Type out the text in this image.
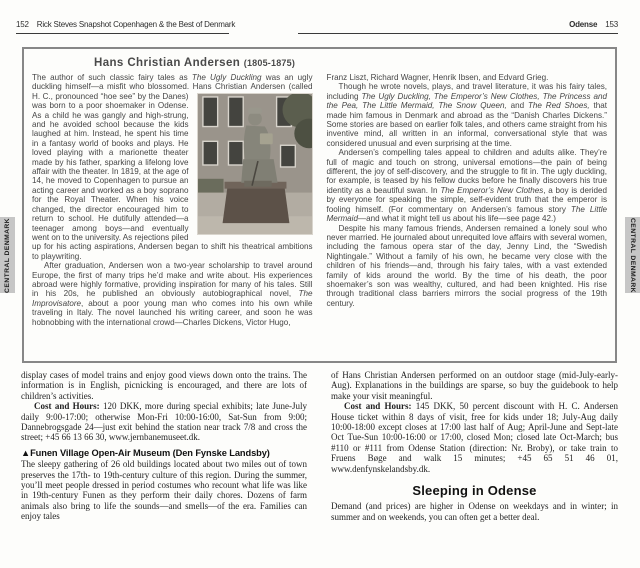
152 Rick Steves Snapshot Copenhagen & the Best of Denmark	Odense 153
CENTRAL DENMARK	CENTRAL DENMARK
Hans Christian Andersen (1805-1875)

The author of such classic fairy tales as The Ugly Duckling was an ugly duckling himself—a misfit who blossomed. Hans Christian
Andersen (called H. C., pronounced “hoe see” by the Danes) was born to a poor shoemaker in Odense. As a child he was gangly and high-strung, and he avoided school because the kids laughed at him. Instead, he spent his time in a fantasy world of books and plays. He loved playing with a marionette theater made by his father, sparking a lifelong love affair with the theater. In 1819, at the age of 14, he moved to Copenhagen to pursue an acting career and worked as a boy soprano for the Royal Theater. When his voice changed, the director encouraged him to return to school. He dutifully attended—a teenager among boys—and eventually went on to the university. As rejections piled up for his acting aspirations, Andersen began to shift his theatrical ambitions to playwriting.

After graduation, Andersen won a two-year scholarship to travel around Europe, the first of many trips he’d make and write about. His experiences abroad were highly formative, providing inspiration for many of his tales. Still in his 20s, he published an obviously autobiographical novel, The Improvisatore, about a poor young man who comes into his own while traveling in Italy. The novel launched his writing career, and soon he was hobnobbing with the international crowd—Charles Dickens, Victor Hugo,

Franz Liszt, Richard Wagner, Henrik Ibsen, and Edvard Grieg.

Though he wrote novels, plays, and travel literature, it was his fairy tales, including The Ugly Duckling, The Emperor’s New Clothes, The Princess and the Pea, The Little Mermaid, The Snow Queen, and The Red Shoes, that made him famous in Denmark and abroad as the “Danish Charles Dickens.” Some stories are based on earlier folk tales, and others came straight from his inventive mind, all written in an informal, conversational style that was considered unusual and even surprising at the time.

Andersen’s compelling tales appeal to children and adults alike. They’re full of magic and touch on strong, universal emotions—the pain of being different, the joy of self-discovery, and the struggle to fit in. The ugly duckling, for example, is teased by his fellow ducks before he finally discovers his true identity as a beautiful swan. In The Emperor’s New Clothes, a boy is derided by everyone for speaking the simple, self-evident truth that the emperor is fooling himself. (For commentary on Andersen’s famous story The Little Mermaid—and what it might tell us about his life—see page 42.)

Despite his many famous friends, Andersen remained a lonely soul who never married. He journaled about unrequited love affairs with several women, including the famous opera star of the day, Jenny Lind, the “Swedish Nightingale.” Without a family of his own, he became very close with the children of his friends—and, through his fairy tales, with a vast extended family of kids around the world. By the time of his death, the poor shoemaker’s son was wealthy, cultured, and had been knighted. His rise through traditional class barriers mirrors the social progress of the 19th century.

display cases of model trains and enjoy good views down onto the trains. The information is in English, picnicking is encouraged, and there are lots of children’s activities.

Cost and Hours: 120 DKK, more during special exhibits; late June-July daily 9:00-17:00; otherwise Mon-Fri 10:00-16:00, Sat-Sun from 9:00; Dannebrogsgade 24—just exit behind the station near track 7/8 and cross the street; +45 66 13 66 30, www.jernbanemuseet.dk.

▲Funen Village Open-Air Museum (Den Fynske Landsby)

The sleepy gathering of 26 old buildings located about two miles out of town preserves the 17th- to 19th-century culture of this region. During the summer, you’ll meet people dressed in period costumes who recount what life was like in 19th-century Funen as they perform their daily chores. Dozens of farm animals also bring to life the sounds—and smells—of the era. Families can enjoy tales

of Hans Christian Andersen performed on an outdoor stage (mid-July-early-Aug). Explanations in the buildings are sparse, so buy the guidebook to help make your visit meaningful.

Cost and Hours: 145 DKK, 50 percent discount with H. C. Andersen House ticket within 8 days of visit, free for kids under 18; July-Aug daily 10:00-18:00 except closes at 17:00 last half of Aug; April-June and Sept-late Oct Tue-Sun 10:00-16:00 or 17:00, closed Mon; closed late Oct-March; bus #110 or #111 from Odense Station (direction: Nr. Broby), or take train to Fruens Bøge and walk 15 minutes; +45 65 51 46 01, www.denfynskelandsby.dk.

Sleeping in Odense

Demand (and prices) are higher in Odense on weekdays and in winter; in summer and on weekends, you can often get a better deal.
